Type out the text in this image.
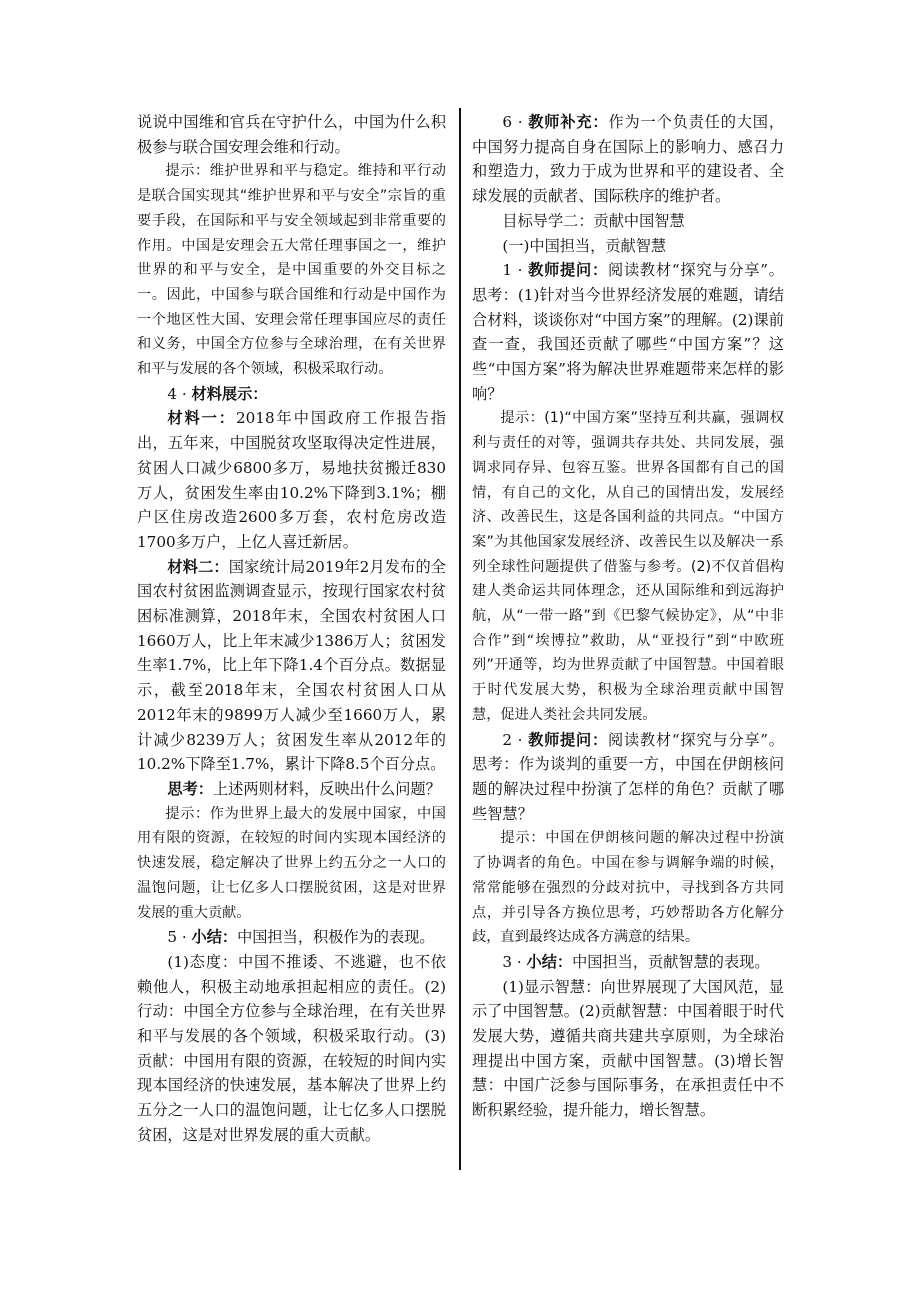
说说中国维和官兵在守护什么，中国为什么积极参与联合国安理会维和行动。

提示：维护世界和平与稳定。维持和平行动是联合国实现其“维护世界和平与安全”宗旨的重要手段，在国际和平与安全领域起到非常重要的作用。中国是安理会五大常任理事国之一，维护世界的和平与安全，是中国重要的外交目标之一。因此，中国参与联合国维和行动是中国作为一个地区性大国、安理会常任理事国应尽的责任和义务，中国全方位参与全球治理，在有关世界和平与发展的各个领域，积极采取行动。

4 · 材料展示：

材料一：2018年中国政府工作报告指出，五年来，中国脱贫攻坚取得决定性进展，贫困人口减少6800多万，易地扶贫搬迁830万人，贫困发生率由10.2%下降到3.1%；棚户区住房改造2600多万套，农村危房改造1700多万户，上亿人喜迁新居。

材料二：国家统计局2019年2月发布的全国农村贫困监测调查显示，按现行国家农村贫困标准测算，2018年末，全国农村贫困人口1660万人，比上年末减少1386万人；贫困发生率1.7%，比上年下降1.4个百分点。数据显示，截至2018年末，全国农村贫困人口从2012年末的9899万人减少至1660万人，累计减少8239万人；贫困发生率从2012年的10.2%下降至1.7%，累计下降8.5个百分点。

思考：上述两则材料，反映出什么问题？

提示：作为世界上最大的发展中国家，中国用有限的资源，在较短的时间内实现本国经济的快速发展，稳定解决了世界上约五分之一人口的温饱问题，让七亿多人口摆脱贫困，这是对世界发展的重大贡献。

5 · 小结：中国担当，积极作为的表现。

(1)态度：中国不推诿、不逃避，也不依赖他人，积极主动地承担起相应的责任。(2)行动：中国全方位参与全球治理，在有关世界和平与发展的各个领域，积极采取行动。(3)贡献：中国用有限的资源，在较短的时间内实现本国经济的快速发展，基本解决了世界上约五分之一人口的温饱问题，让七亿多人口摆脱贫困，这是对世界发展的重大贡献。

6 · 教师补充：作为一个负责任的大国，中国努力提高自身在国际上的影响力、感召力和塑造力，致力于成为世界和平的建设者、全球发展的贡献者、国际秩序的维护者。

目标导学二：贡献中国智慧

(一)中国担当，贡献智慧

1 · 教师提问：阅读教材“探究与分享”。思考：(1)针对当今世界经济发展的难题，请结合材料，谈谈你对“中国方案”的理解。(2)课前查一查，我国还贡献了哪些“中国方案”？这些“中国方案”将为解决世界难题带来怎样的影响？

提示：(1)“中国方案”坚持互利共赢，强调权利与责任的对等，强调共存共处、共同发展，强调求同存异、包容互鉴。世界各国都有自己的国情，有自己的文化，从自己的国情出发，发展经济、改善民生，这是各国利益的共同点。“中国方案”为其他国家发展经济、改善民生以及解决一系列全球性问题提供了借鉴与参考。(2)不仅首倡构建人类命运共同体理念，还从国际维和到远海护航，从“一带一路”到《巴黎气候协定》，从“中非合作”到“埃博拉”救助，从“亚投行”到“中欧班列”开通等，均为世界贡献了中国智慧。中国着眼于时代发展大势，积极为全球治理贡献中国智慧，促进人类社会共同发展。

2 · 教师提问：阅读教材“探究与分享”。思考：作为谈判的重要一方，中国在伊朗核问题的解决过程中扮演了怎样的角色？贡献了哪些智慧？

提示：中国在伊朗核问题的解决过程中扮演了协调者的角色。中国在参与调解争端的时候，常常能够在强烈的分歧对抗中，寻找到各方共同点，并引导各方换位思考，巧妙帮助各方化解分歧，直到最终达成各方满意的结果。

3 · 小结：中国担当，贡献智慧的表现。

(1)显示智慧：向世界展现了大国风范，显示了中国智慧。(2)贡献智慧：中国着眼于时代发展大势，遵循共商共建共享原则，为全球治理提出中国方案，贡献中国智慧。(3)增长智慧：中国广泛参与国际事务，在承担责任中不断积累经验，提升能力，增长智慧。
